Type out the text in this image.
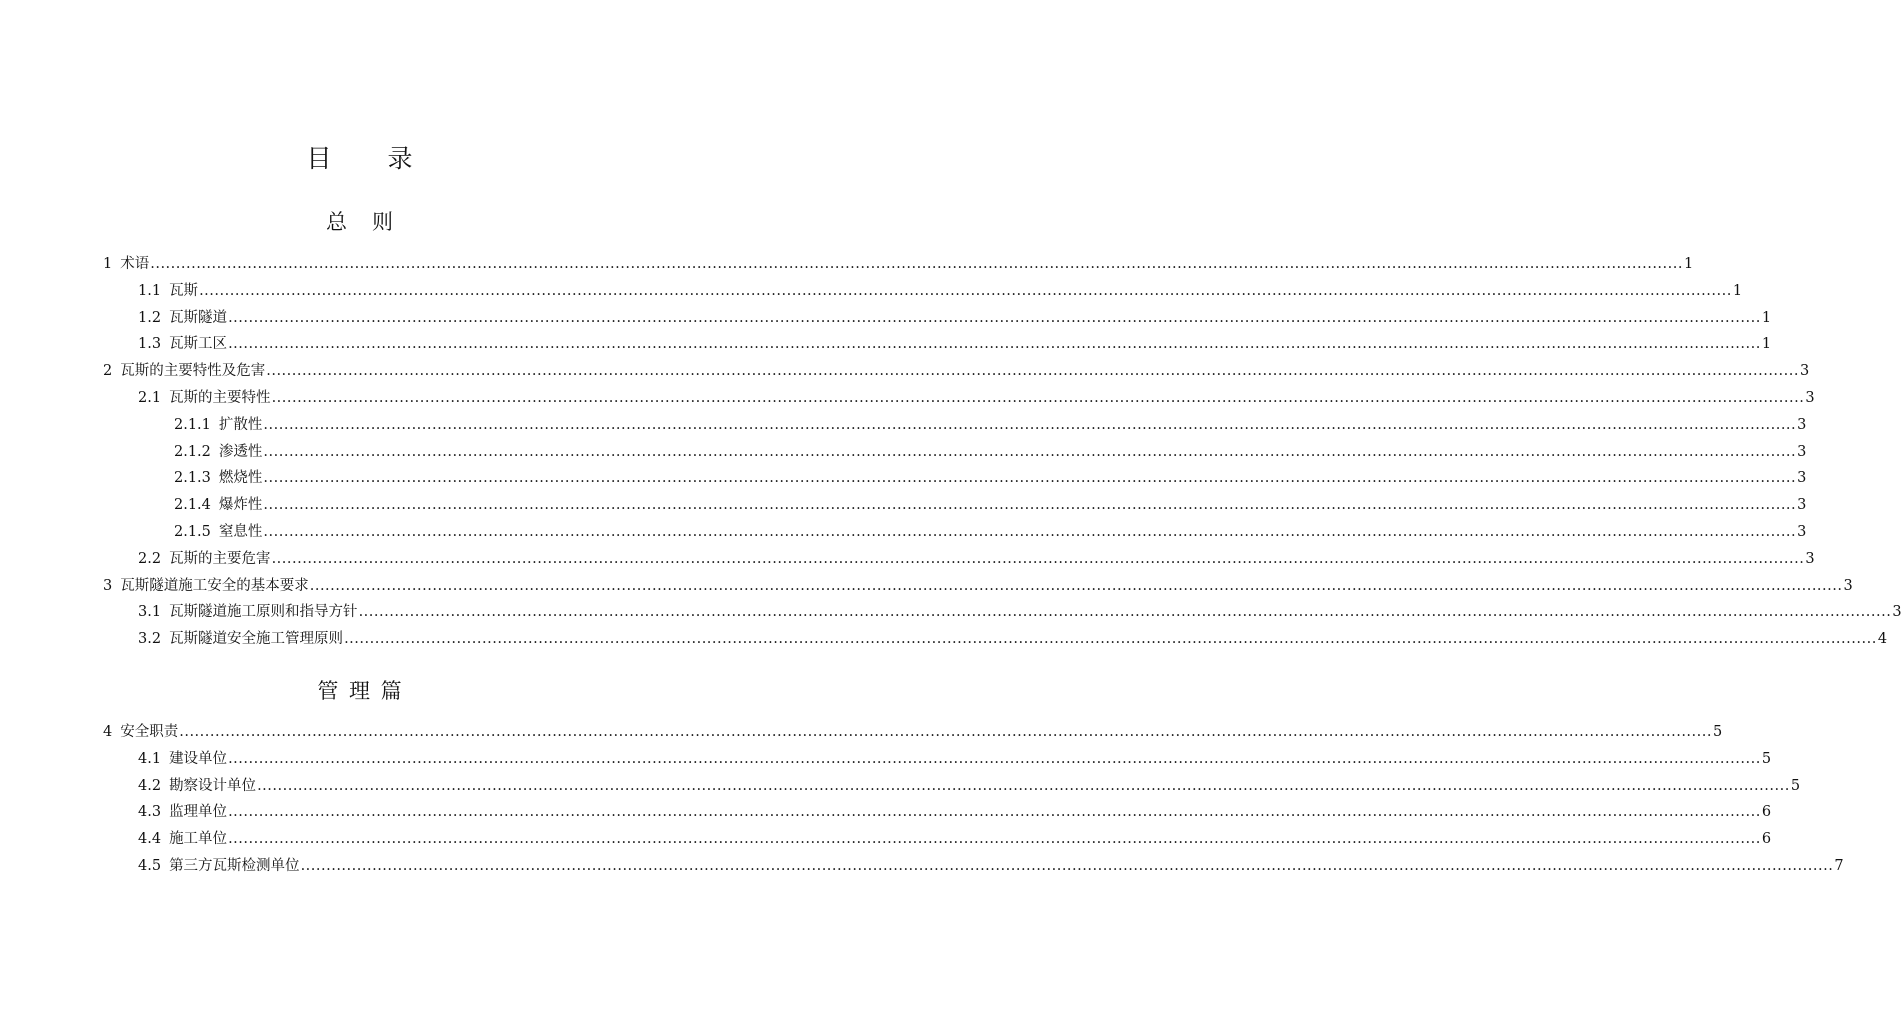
目　　录
总　则
管 理 篇
1 术语 ............................................................................................................................................................................................................................................................................................................ 1
1.1 瓦斯 ............................................................................................................................................................................................................................................................................................................ 1
1.2 瓦斯隧道 ............................................................................................................................................................................................................................................................................................................ 1
1.3 瓦斯工区 ............................................................................................................................................................................................................................................................................................................ 1
2 瓦斯的主要特性及危害 ............................................................................................................................................................................................................................................................................................................ 3
2.1 瓦斯的主要特性 ............................................................................................................................................................................................................................................................................................................ 3
2.1.1 扩散性 ............................................................................................................................................................................................................................................................................................................ 3
2.1.2 渗透性 ............................................................................................................................................................................................................................................................................................................ 3
2.1.3 燃烧性 ............................................................................................................................................................................................................................................................................................................ 3
2.1.4 爆炸性 ............................................................................................................................................................................................................................................................................................................ 3
2.1.5 窒息性 ............................................................................................................................................................................................................................................................................................................ 3
2.2 瓦斯的主要危害 ............................................................................................................................................................................................................................................................................................................ 3
3 瓦斯隧道施工安全的基本要求 ............................................................................................................................................................................................................................................................................................................ 3
3.1 瓦斯隧道施工原则和指导方针 ............................................................................................................................................................................................................................................................................................................ 3
3.2 瓦斯隧道安全施工管理原则 ............................................................................................................................................................................................................................................................................................................ 4
4 安全职责 ............................................................................................................................................................................................................................................................................................................ 5
4.1 建设单位 ............................................................................................................................................................................................................................................................................................................ 5
4.2 勘察设计单位 ............................................................................................................................................................................................................................................................................................................ 5
4.3 监理单位 ............................................................................................................................................................................................................................................................................................................ 6
4.4 施工单位 ............................................................................................................................................................................................................................................................................................................ 6
4.5 第三方瓦斯检测单位 ............................................................................................................................................................................................................................................................................................................ 7
